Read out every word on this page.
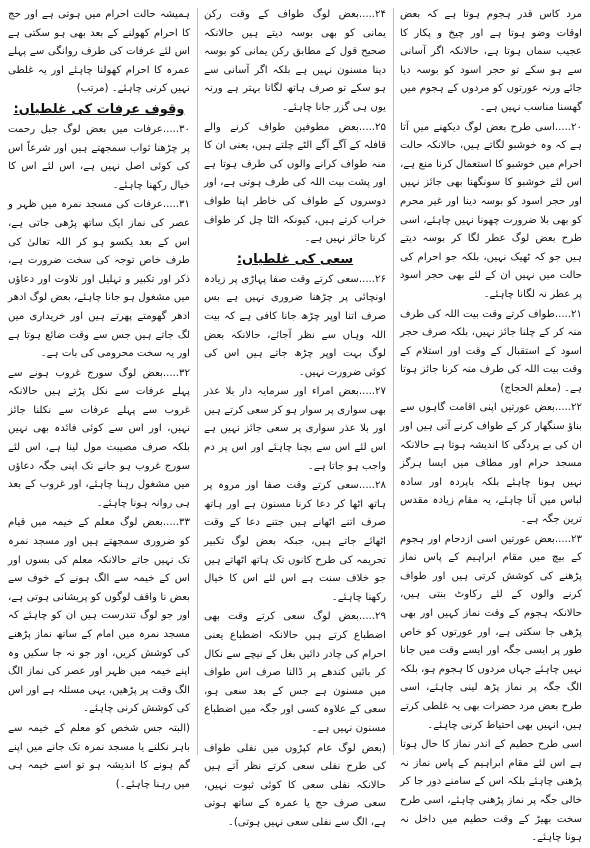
مرد کاس قدر ہجوم ہوتا ہے کہ بعض اوقات وضو ہوتا ہے اور چیخ و پکار کا عجیب سماں ہوتا ہے، حالانکہ اگر آسانی سے ہو سکے تو حجر اسود کو بوسہ دیا جائے ورنہ عورتوں کو مردوں کے ہجوم میں گھسنا مناسب نہیں ہے۔

۲۰.....اسی طرح بعض لوگ دیکھنے میں آتا ہے کہ وہ خوشبو لگاتے ہیں، حالانکہ حالت احرام میں خوشبو کا استعمال کرنا منع ہے، اس لئے خوشبو کا سونگھنا بھی جائز نہیں اور حجر اسود کو بوسہ دینا اور غیر محرم کو بھی بلا ضرورت چھونا نہیں چاہئے، اسی طرح بعض لوگ عطر لگا کر بوسہ دیتے ہیں جو کہ ٹھیک نہیں، بلکہ جو احرام کی حالت میں نہیں ان کے لئے بھی حجر اسود پر عطر نہ لگانا چاہئے۔

۲۱.....طواف کرتے وقت بیت اللہ کی طرف منہ کر کے چلنا جائز نہیں، بلکہ صرف حجر اسود کے استقبال کے وقت اور استلام کے وقت بیت اللہ کی طرف منہ کرنا جائز ہوتا ہے۔ (معلم الحجاج)

۲۲.....بعض عورتیں اپنی اقامت گاہوں سے بناؤ سنگھار کر کے طواف کرنے آتی ہیں اور ان کی بے پردگی کا اندیشہ ہوتا ہے حالانکہ مسجد حرام اور مطاف میں ایسا ہرگز نہیں ہونا چاہئے بلکہ باپردہ اور سادہ لباس میں آنا چاہئے، یہ مقام زیادہ مقدس ترین جگہ ہے۔

۲۳.....بعض عورتیں اسی ازدحام اور ہجوم کے بیچ میں مقام ابراہیم کے پاس نماز پڑھنے کی کوشش کرتی ہیں اور طواف کرنے والوں کے لئے رکاوٹ بنتی ہیں، حالانکہ ہجوم کے وقت نماز کہیں اور بھی پڑھی جا سکتی ہے، اور عورتوں کو خاص طور پر ایسی جگہ اور ایسے وقت میں جانا نہیں چاہئے جہاں مردوں کا ہجوم ہو، بلکہ الگ جگہ پر نماز پڑھ لینی چاہئے، اسی طرح بعض مرد حضرات بھی یہ غلطی کرتے ہیں، انہیں بھی احتیاط کرنی چاہئے۔

اسی طرح حطیم کے اندر نماز کا حال ہوتا ہے اس لئے مقام ابراہیم کے پاس نماز نہ پڑھنی چاہئے بلکہ اس کے سامنے دور جا کر خالی جگہ پر نماز پڑھنی چاہئے، اسی طرح سخت بھیڑ کے وقت حطیم میں داخل نہ ہونا چاہئے۔

۲۴.....بعض لوگ طواف کے وقت رکن یمانی کو بھی بوسہ دیتے ہیں حالانکہ صحیح قول کے مطابق رکن یمانی کو بوسہ دینا مسنون نہیں ہے بلکہ اگر آسانی سے ہو سکے تو صرف ہاتھ لگانا بہتر ہے ورنہ یوں ہی گزر جانا چاہئے۔

۲۵.....بعض مطوفین طواف کرنے والے قافلہ کے آگے آگے الٹے چلتے ہیں، یعنی ان کا منہ طواف کرانے والوں کی طرف ہوتا ہے اور پشت بیت اللہ کی طرف ہوتی ہے، اور دوسروں کے طواف کی خاطر اپنا طواف خراب کرتے ہیں، کیونکہ الٹا چل کر طواف کرنا جائز نہیں ہے۔

سعی کی غلطیاں:

۲۶.....سعی کرتے وقت صفا پہاڑی پر زیادہ اونچائی پر چڑھنا ضروری نہیں ہے بس صرف اتنا اوپر چڑھ جانا کافی ہے کہ بیت اللہ وہاں سے نظر آجائے، حالانکہ بعض لوگ بہت اوپر چڑھ جاتے ہیں اس کی کوئی ضرورت نہیں۔

۲۷.....بعض امراء اور سرمایہ دار بلا عذر بھی سواری پر سوار ہو کر سعی کرتے ہیں اور بلا عذر سواری پر سعی جائز نہیں ہے اس لئے اس سے بچنا چاہئے اور اس پر دم واجب ہو جاتا ہے۔

۲۸.....سعی کرتے وقت صفا اور مروہ پر ہاتھ اٹھا کر دعا کرنا مسنون ہے اور ہاتھ صرف اتنے اٹھانے ہیں جتنے دعا کے وقت اٹھائے جاتے ہیں، جبکہ بعض لوگ تکبیر تحریمہ کی طرح کانوں تک ہاتھ اٹھاتے ہیں جو خلاف سنت ہے اس لئے اس کا خیال رکھنا چاہئے۔

۲۹.....بعض لوگ سعی کرتے وقت بھی اضطباع کرتے ہیں حالانکہ اضطباع یعنی احرام کی چادر دائیں بغل کے نیچے سے نکال کر بائیں کندھے پر ڈالنا صرف اس طواف میں مسنون ہے جس کے بعد سعی ہو، سعی کے علاوہ کسی اور جگہ میں اضطباع مسنون نہیں ہے۔

(بعض لوگ عام کپڑوں میں نفلی طواف کی طرح نفلی سعی کرتے نظر آتے ہیں حالانکہ نفلی سعی کا کوئی ثبوت نہیں، سعی صرف حج یا عمرہ کے ساتھ ہوتی ہے، الگ سے نفلی سعی نہیں ہوتی)۔

ہمیشہ حالت احرام میں ہوتی ہے اور حج کا احرام کھولنے کے بعد بھی ہو سکتی ہے اس لئے عرفات کی طرف روانگی سے پہلے عمرہ کا احرام کھولنا چاہئے اور یہ غلطی نہیں کرنی چاہئے۔ (مرتب)

وقوف عرفات کی غلطیاں:

۳۰.....عرفات میں بعض لوگ جبل رحمت پر چڑھنا ثواب سمجھتے ہیں اور شرعاً اس کی کوئی اصل نہیں ہے، اس لئے اس کا خیال رکھنا چاہئے۔

۳۱.....عرفات کی مسجد نمرہ میں ظہر و عصر کی نماز ایک ساتھ پڑھی جاتی ہے، اس کے بعد یکسو ہو کر اللہ تعالیٰ کی طرف خاص توجہ کی سخت ضرورت ہے، ذکر اور تکبیر و تہلیل اور تلاوت اور دعاؤں میں مشغول ہو جانا چاہئے، بعض لوگ ادھر ادھر گھومتے پھرتے ہیں اور خریداری میں لگ جاتے ہیں جس سے وقت ضائع ہوتا ہے اور یہ سخت محرومی کی بات ہے۔

۳۲.....بعض لوگ سورج غروب ہونے سے پہلے عرفات سے نکل پڑتے ہیں حالانکہ غروب سے پہلے عرفات سے نکلنا جائز نہیں، اور اس سے کوئی فائدہ بھی نہیں بلکہ صرف مصیبت مول لینا ہے، اس لئے سورج غروب ہو جانے تک اپنی جگہ دعاؤں میں مشغول رہنا چاہئے، اور غروب کے بعد ہی روانہ ہونا چاہئے۔

۳۳.....بعض لوگ معلم کے خیمہ میں قیام کو ضروری سمجھتے ہیں اور مسجد نمرہ تک نہیں جاتے حالانکہ معلم کی بسوں اور اس کے خیمہ سے الگ ہونے کے خوف سے بعض نا واقف لوگوں کو پریشانی ہوتی ہے، اور جو لوگ تندرست ہیں ان کو چاہئے کہ مسجد نمرہ میں امام کے ساتھ نماز پڑھنے کی کوشش کریں، اور جو نہ جا سکیں وہ اپنے خیمہ میں ظہر اور عصر کی نماز الگ الگ وقت پر پڑھیں، یہی مسئلہ ہے اور اس کی کوشش کرنی چاہئے۔

(البتہ جس شخص کو معلم کے خیمہ سے باہر نکلنے یا مسجد نمرہ تک جانے میں اپنے گم ہونے کا اندیشہ ہو تو اسے خیمہ ہی میں رہنا چاہئے۔)
